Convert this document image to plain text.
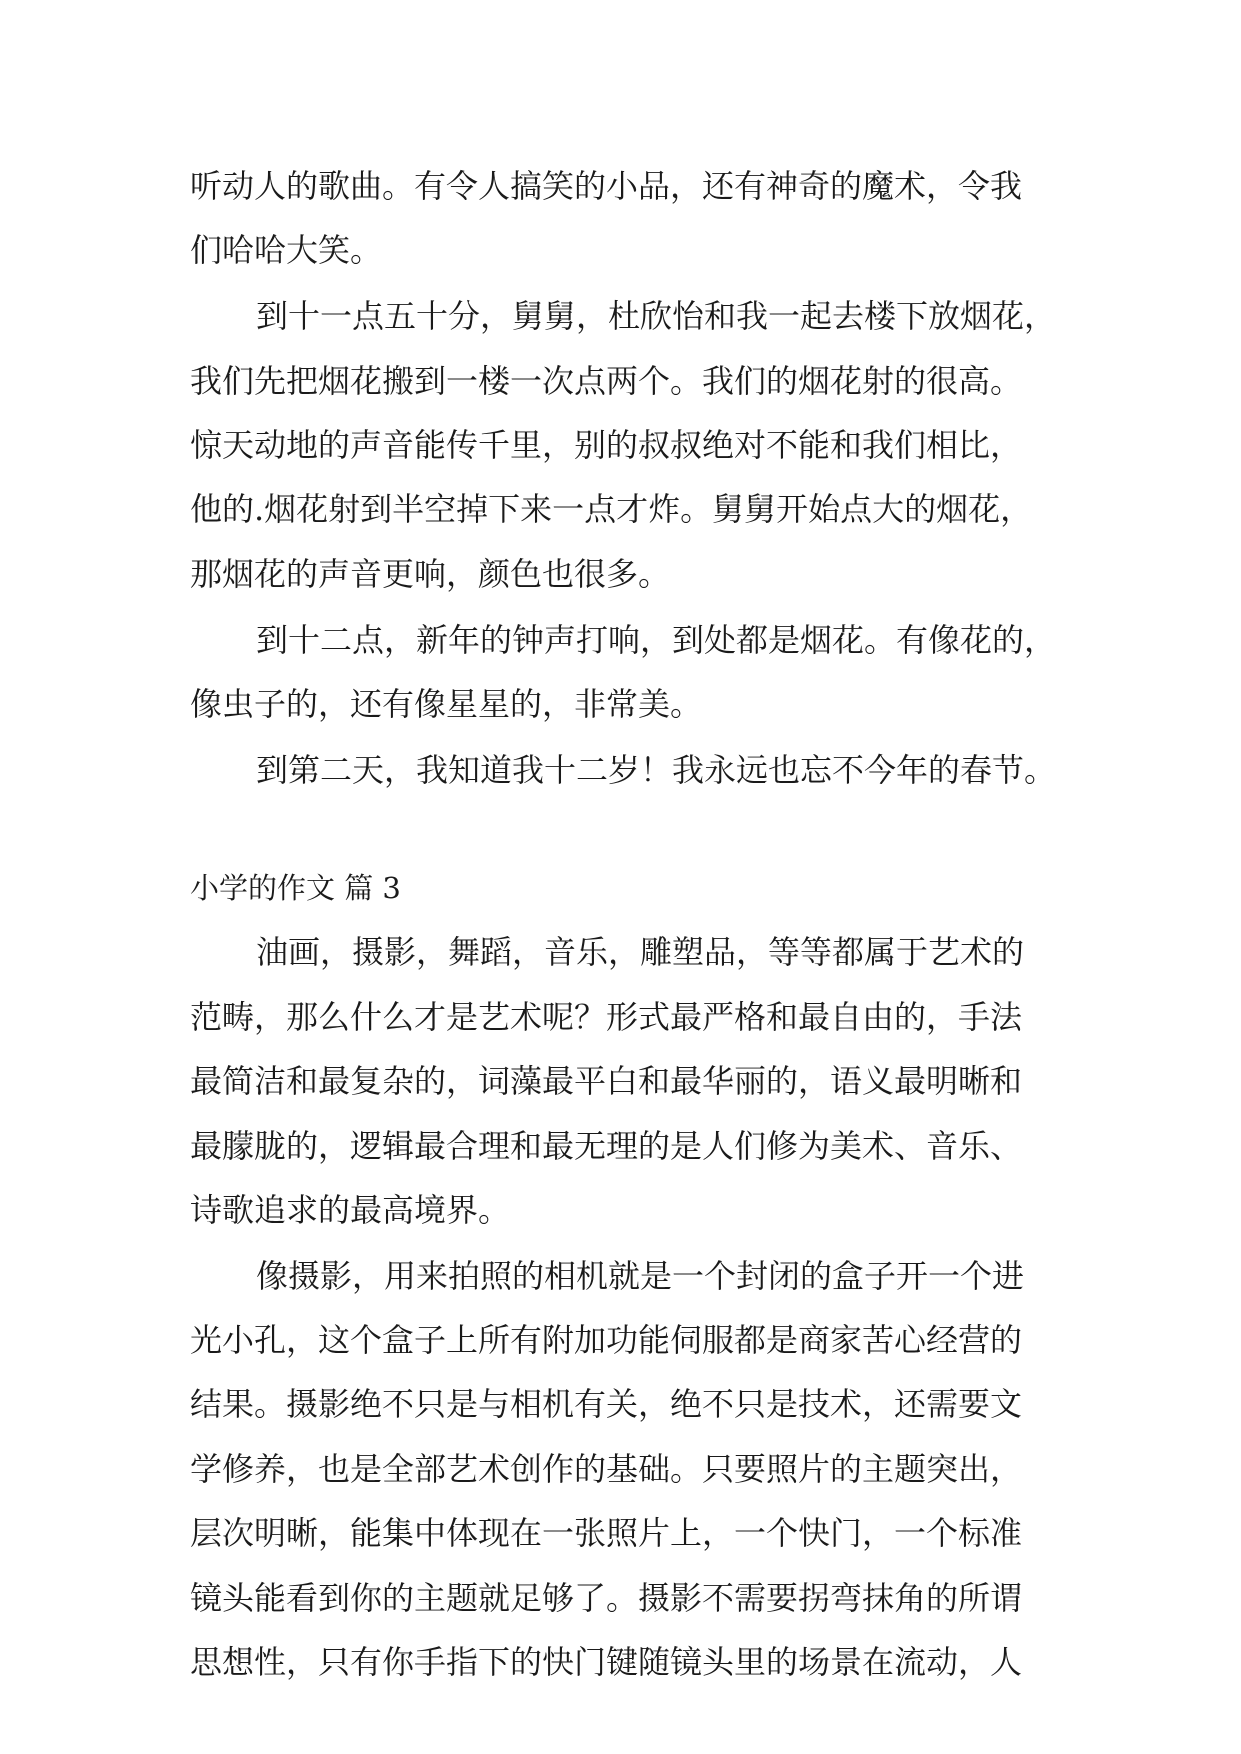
听动人的歌曲。有令人搞笑的小品，还有神奇的魔术，令我
们哈哈大笑。
到十一点五十分，舅舅，杜欣怡和我一起去楼下放烟花，
我们先把烟花搬到一楼一次点两个。我们的烟花射的很高。
惊天动地的声音能传千里，别的叔叔绝对不能和我们相比，
他的.烟花射到半空掉下来一点才炸。舅舅开始点大的烟花，
那烟花的声音更响，颜色也很多。
到十二点，新年的钟声打响，到处都是烟花。有像花的，
像虫子的，还有像星星的，非常美。
到第二天，我知道我十二岁！我永远也忘不今年的春节。
小学的作文 篇 3
油画，摄影，舞蹈，音乐，雕塑品，等等都属于艺术的
范畴，那么什么才是艺术呢？形式最严格和最自由的，手法
最简洁和最复杂的，词藻最平白和最华丽的，语义最明晰和
最朦胧的，逻辑最合理和最无理的是人们修为美术、音乐、
诗歌追求的最高境界。
像摄影，用来拍照的相机就是一个封闭的盒子开一个进
光小孔，这个盒子上所有附加功能伺服都是商家苦心经营的
结果。摄影绝不只是与相机有关，绝不只是技术，还需要文
学修养，也是全部艺术创作的基础。只要照片的主题突出，
层次明晰，能集中体现在一张照片上，一个快门，一个标准
镜头能看到你的主题就足够了。摄影不需要拐弯抹角的所谓
思想性，只有你手指下的快门键随镜头里的场景在流动，人
